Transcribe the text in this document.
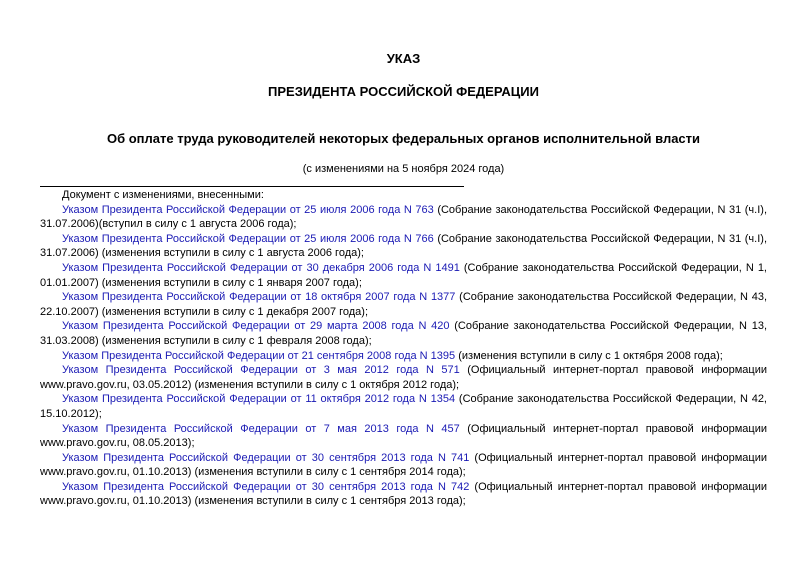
УКАЗ
ПРЕЗИДЕНТА РОССИЙСКОЙ ФЕДЕРАЦИИ
Об оплате труда руководителей некоторых федеральных органов исполнительной власти
(с изменениями на 5 ноября 2024 года)

Документ с изменениями, внесенными:

Указом Президента Российской Федерации от 25 июля 2006 года N 763 (Собрание законодательства Российской Федерации, N 31 (ч.I), 31.07.2006)(вступил в силу с 1 августа 2006 года);

Указом Президента Российской Федерации от 25 июля 2006 года N 766 (Собрание законодательства Российской Федерации, N 31 (ч.I), 31.07.2006) (изменения вступили в силу с 1 августа 2006 года);

Указом Президента Российской Федерации от 30 декабря 2006 года N 1491 (Собрание законодательства Российской Федерации, N 1, 01.01.2007) (изменения вступили в силу с 1 января 2007 года);

Указом Президента Российской Федерации от 18 октября 2007 года N 1377 (Собрание законодательства Российской Федерации, N 43, 22.10.2007) (изменения вступили в силу с 1 декабря 2007 года);

Указом Президента Российской Федерации от 29 марта 2008 года N 420 (Собрание законодательства Российской Федерации, N 13, 31.03.2008) (изменения вступили в силу с 1 февраля 2008 года);

Указом Президента Российской Федерации от 21 сентября 2008 года N 1395 (изменения вступили в силу с 1 октября 2008 года);

Указом Президента Российской Федерации от 3 мая 2012 года N 571 (Официальный интернет-портал правовой информации www.pravo.gov.ru, 03.05.2012) (изменения вступили в силу с 1 октября 2012 года);

Указом Президента Российской Федерации от 11 октября 2012 года N 1354 (Собрание законодательства Российской Федерации, N 42, 15.10.2012);

Указом Президента Российской Федерации от 7 мая 2013 года N 457 (Официальный интернет-портал правовой информации www.pravo.gov.ru, 08.05.2013);

Указом Президента Российской Федерации от 30 сентября 2013 года N 741 (Официальный интернет-портал правовой информации www.pravo.gov.ru, 01.10.2013) (изменения вступили в силу с 1 сентября 2014 года);

Указом Президента Российской Федерации от 30 сентября 2013 года N 742 (Официальный интернет-портал правовой информации www.pravo.gov.ru, 01.10.2013) (изменения вступили в силу с 1 сентября 2013 года);
